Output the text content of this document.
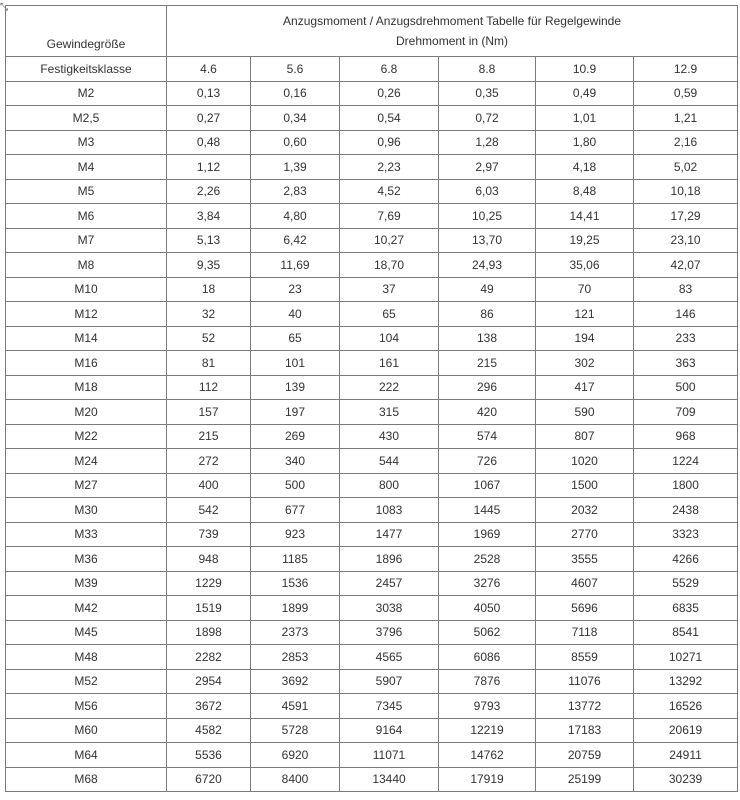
⤡
Gewindegröße	Anzugsmoment / Anzugsdrehmoment Tabelle für Regelgewinde
Drehmoment in (Nm)					

Festigkeitsklasse	4.6	5.6	6.8	8.8	10.9	12.9
M2	0,13	0,16	0,26	0,35	0,49	0,59
M2,5	0,27	0,34	0,54	0,72	1,01	1,21
M3	0,48	0,60	0,96	1,28	1,80	2,16
M4	1,12	1,39	2,23	2,97	4,18	5,02
M5	2,26	2,83	4,52	6,03	8,48	10,18
M6	3,84	4,80	7,69	10,25	14,41	17,29
M7	5,13	6,42	10,27	13,70	19,25	23,10
M8	9,35	11,69	18,70	24,93	35,06	42,07
M10	18	23	37	49	70	83
M12	32	40	65	86	121	146
M14	52	65	104	138	194	233
M16	81	101	161	215	302	363
M18	112	139	222	296	417	500
M20	157	197	315	420	590	709
M22	215	269	430	574	807	968
M24	272	340	544	726	1020	1224
M27	400	500	800	1067	1500	1800
M30	542	677	1083	1445	2032	2438
M33	739	923	1477	1969	2770	3323
M36	948	1185	1896	2528	3555	4266
M39	1229	1536	2457	3276	4607	5529
M42	1519	1899	3038	4050	5696	6835
M45	1898	2373	3796	5062	7118	8541
M48	2282	2853	4565	6086	8559	10271
M52	2954	3692	5907	7876	11076	13292
M56	3672	4591	7345	9793	13772	16526
M60	4582	5728	9164	12219	17183	20619
M64	5536	6920	11071	14762	20759	24911
M68	6720	8400	13440	17919	25199	30239
